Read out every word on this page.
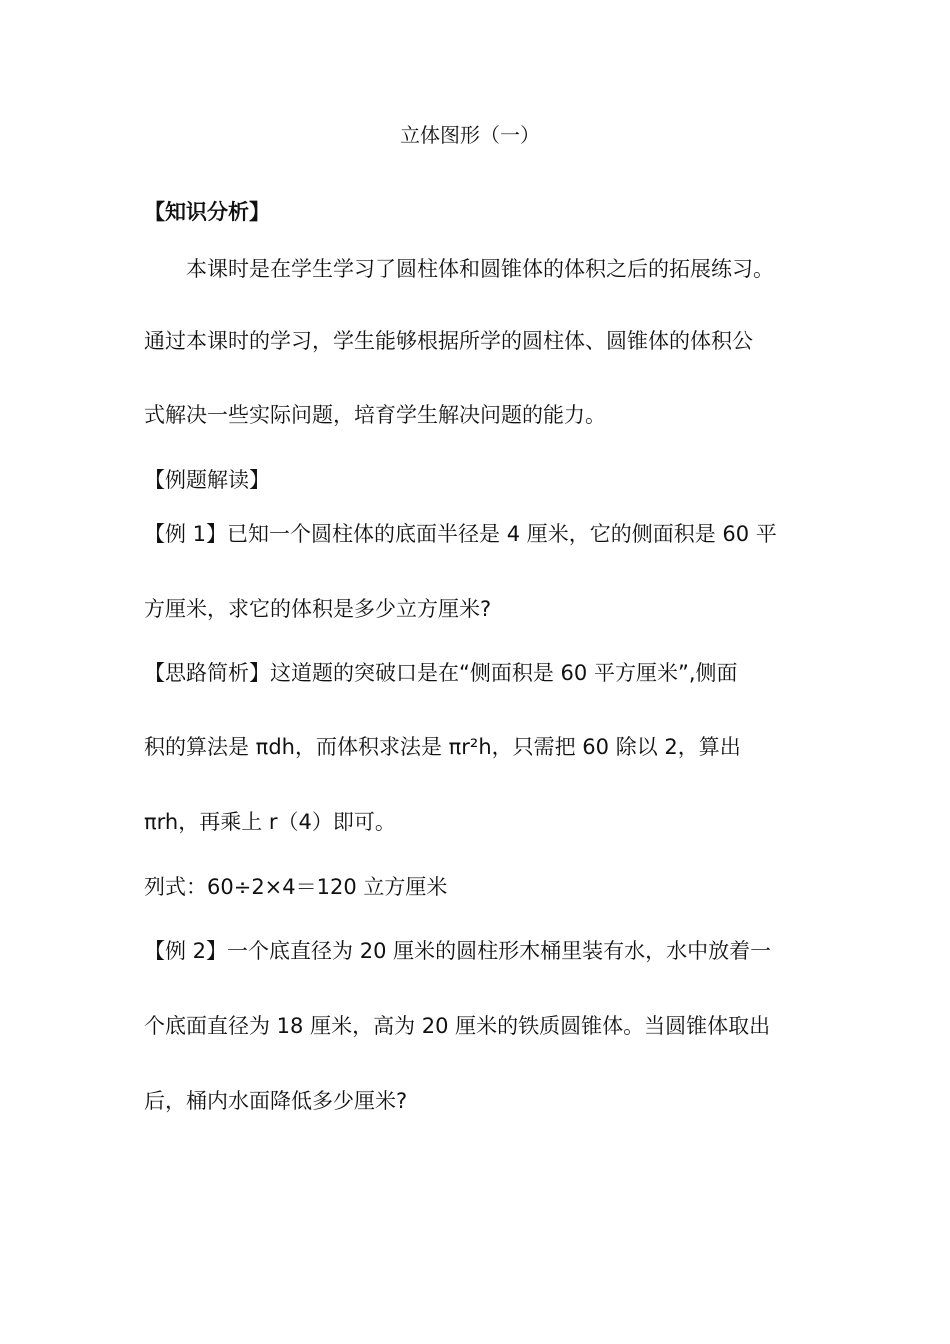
立体图形（一）
【知识分析】
本课时是在学生学习了圆柱体和圆锥体的体积之后的拓展练习。
通过本课时的学习，学生能够根据所学的圆柱体、圆锥体的体积公
式解决一些实际问题，培育学生解决问题的能力。
【例题解读】
【例 1】已知一个圆柱体的底面半径是 4 厘米，它的侧面积是 60 平
方厘米，求它的体积是多少立方厘米?
【思路简析】这道题的突破口是在“侧面积是 60 平方厘米”,侧面
积的算法是 πdh，而体积求法是 πr²h，只需把 60 除以 2，算出
πrh，再乘上 r（4）即可。
列式：60÷2×4＝120 立方厘米
【例 2】一个底直径为 20 厘米的圆柱形木桶里装有水，水中放着一
个底面直径为 18 厘米，高为 20 厘米的铁质圆锥体。当圆锥体取出
后，桶内水面降低多少厘米?
